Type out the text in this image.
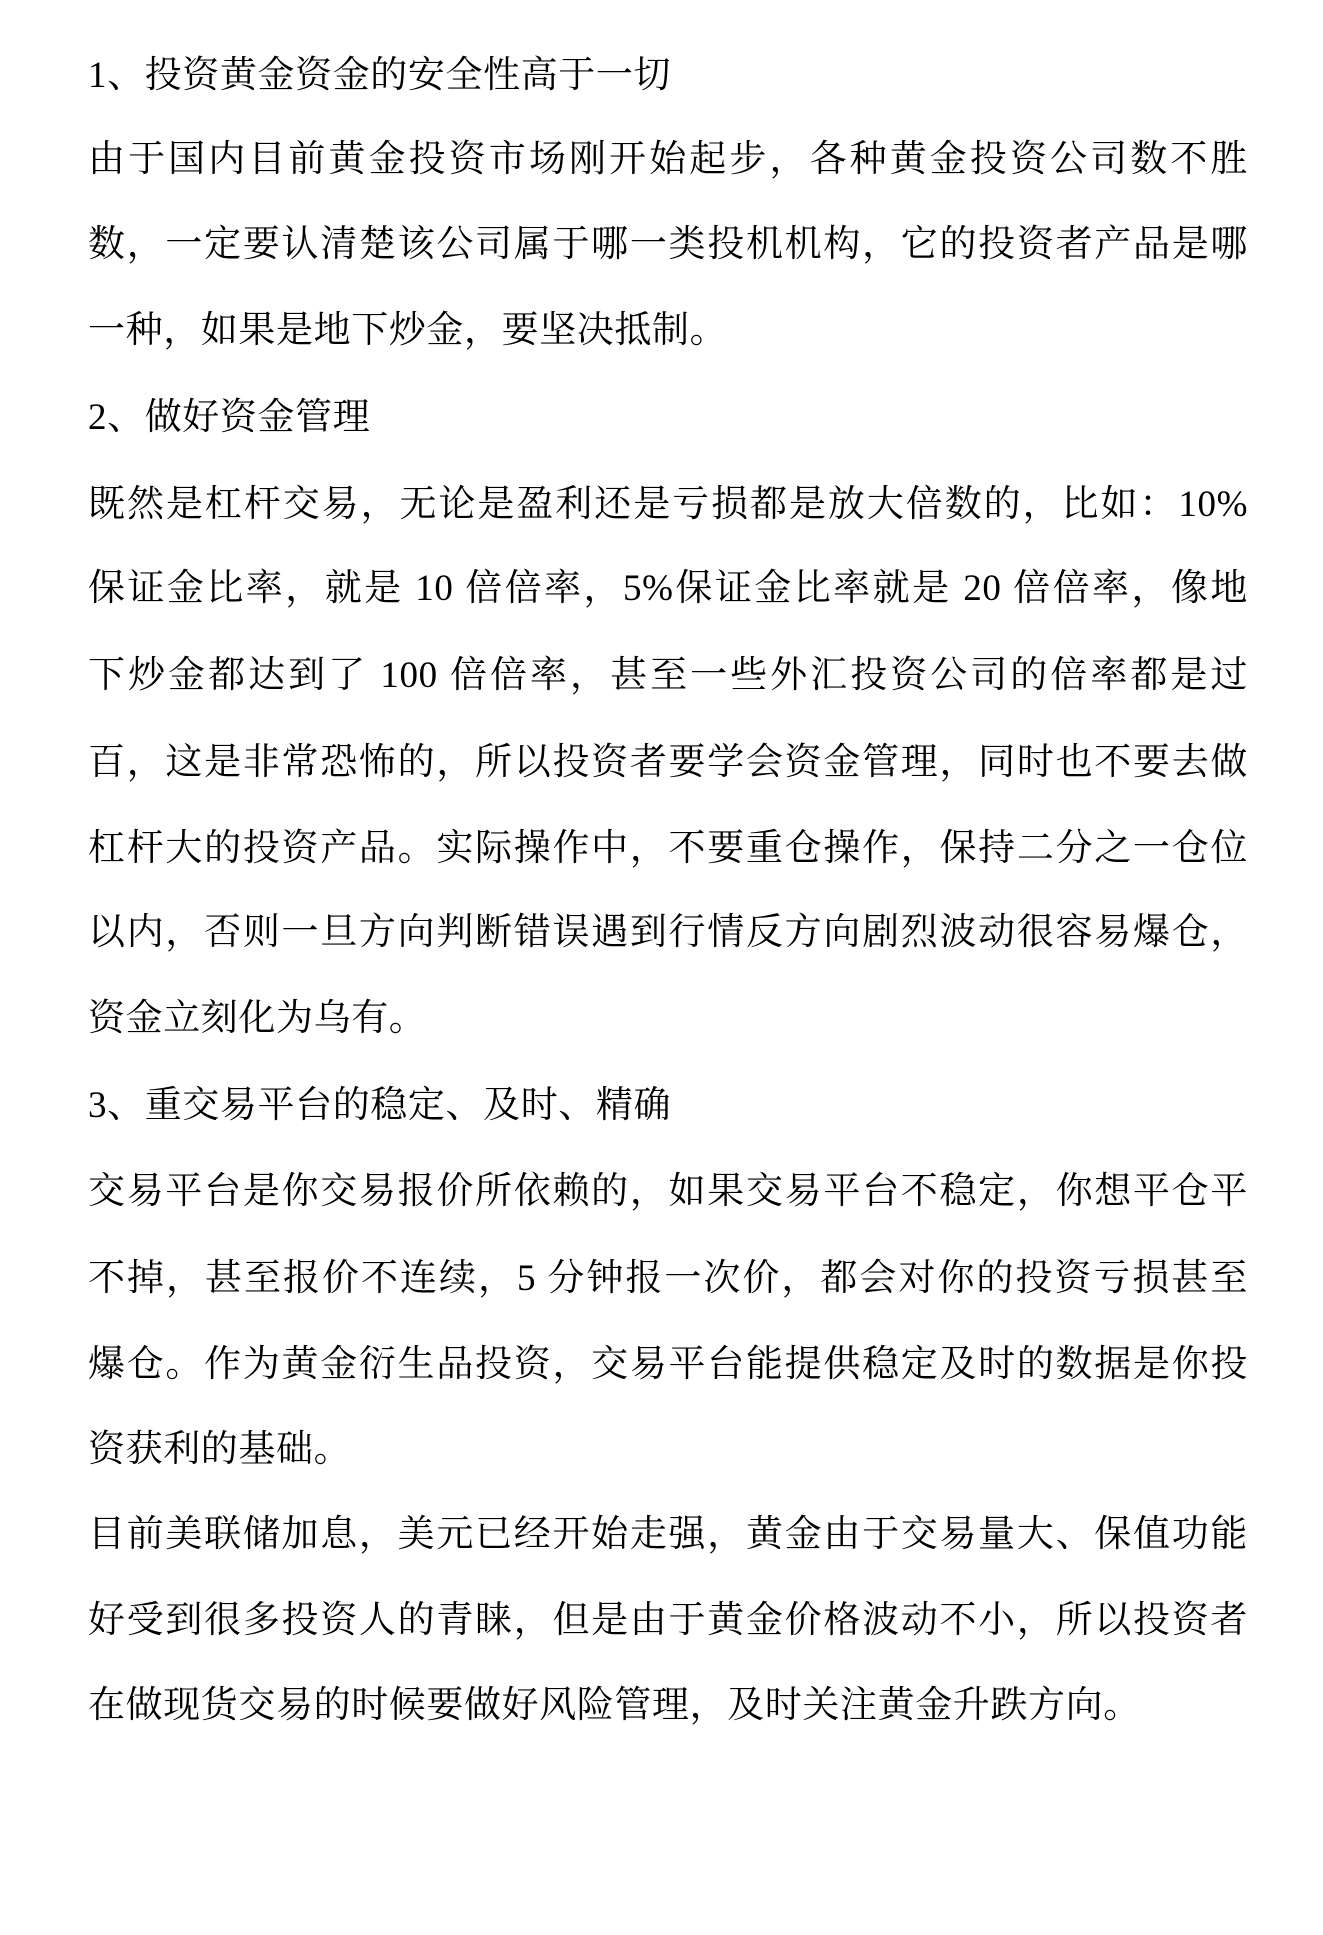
1、投资黄金资金的安全性高于一切
由于国内目前黄金投资市场刚开始起步，各种黄金投资公司数不胜
数，一定要认清楚该公司属于哪一类投机机构，它的投资者产品是哪
一种，如果是地下炒金，要坚决抵制。
2、做好资金管理
既然是杠杆交易，无论是盈利还是亏损都是放大倍数的，比如：10%
保证金比率，就是 10 倍倍率，5%保证金比率就是 20 倍倍率，像地
下炒金都达到了 100 倍倍率，甚至一些外汇投资公司的倍率都是过
百，这是非常恐怖的，所以投资者要学会资金管理，同时也不要去做
杠杆大的投资产品。实际操作中，不要重仓操作，保持二分之一仓位
以内，否则一旦方向判断错误遇到行情反方向剧烈波动很容易爆仓，
资金立刻化为乌有。
3、重交易平台的稳定、及时、精确
交易平台是你交易报价所依赖的，如果交易平台不稳定，你想平仓平
不掉，甚至报价不连续，5 分钟报一次价，都会对你的投资亏损甚至
爆仓。作为黄金衍生品投资，交易平台能提供稳定及时的数据是你投
资获利的基础。
目前美联储加息，美元已经开始走强，黄金由于交易量大、保值功能
好受到很多投资人的青睐，但是由于黄金价格波动不小，所以投资者
在做现货交易的时候要做好风险管理，及时关注黄金升跌方向。
